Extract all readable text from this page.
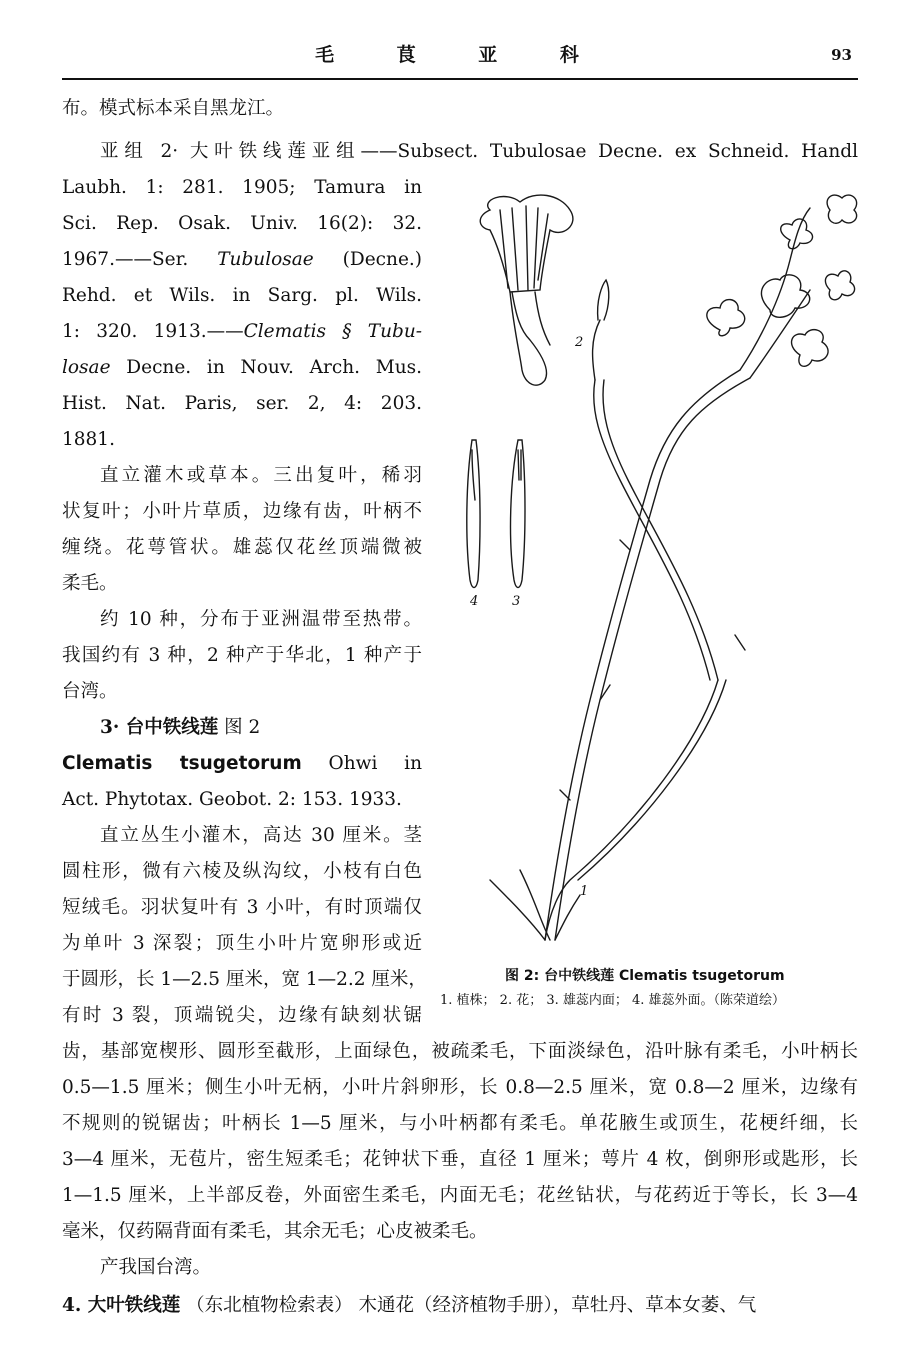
毛 茛 亚 科	93
布。模式标本采自黑龙江。
亚组 2· 大叶铁线莲亚组——Subsect. Tubulosae Decne. ex Schneid. Handl
Laubh. 1: 281. 1905; Tamura in
Sci. Rep. Osak. Univ. 16(2): 32.
1967.——Ser. Tubulosae (Decne.)
Rehd. et Wils. in Sarg. pl. Wils.
1: 320. 1913.——Clematis § Tubu-
losae Decne. in Nouv. Arch. Mus.
Hist. Nat. Paris, ser. 2, 4: 203.
1881.
直立灌木或草本。三出复叶，稀羽
状复叶；小叶片草质，边缘有齿，叶柄不
缠绕。花萼管状。雄蕊仅花丝顶端微被
柔毛。
约 10 种，分布于亚洲温带至热带。
我国约有 3 种，2 种产于华北，1 种产于
台湾。
3· 台中铁线莲 图 2
Clematis tsugetorum Ohwi in
Act. Phytotax. Geobot. 2: 153. 1933.
直立丛生小灌木，高达 30 厘米。茎
圆柱形，微有六棱及纵沟纹，小枝有白色
短绒毛。羽状复叶有 3 小叶，有时顶端仅
为单叶 3 深裂；顶生小叶片宽卵形或近
于圆形，长 1—2.5 厘米，宽 1—2.2 厘米，
有时 3 裂，顶端锐尖，边缘有缺刻状锯
齿，基部宽楔形、圆形至截形，上面绿色，被疏柔毛，下面淡绿色，沿叶脉有柔毛，小叶柄长
0.5—1.5 厘米；侧生小叶无柄，小叶片斜卵形，长 0.8—2.5 厘米，宽 0.8—2 厘米，边缘有
不规则的锐锯齿；叶柄长 1—5 厘米，与小叶柄都有柔毛。单花腋生或顶生，花梗纤细，长
3—4 厘米，无苞片，密生短柔毛；花钟状下垂，直径 1 厘米；萼片 4 枚，倒卵形或匙形，长
1—1.5 厘米，上半部反卷，外面密生柔毛，内面无毛；花丝钻状，与花药近于等长，长 3—4
毫米，仅药隔背面有柔毛，其余无毛；心皮被柔毛。
产我国台湾。
4. 大叶铁线莲 （东北植物检索表） 木通花（经济植物手册），草牡丹、草本女萎、气
2
4	3
1
图 2: 台中铁线莲 Clematis tsugetorum
1. 植株； 2. 花； 3. 雄蕊内面； 4. 雄蕊外面。（陈荣道绘）
